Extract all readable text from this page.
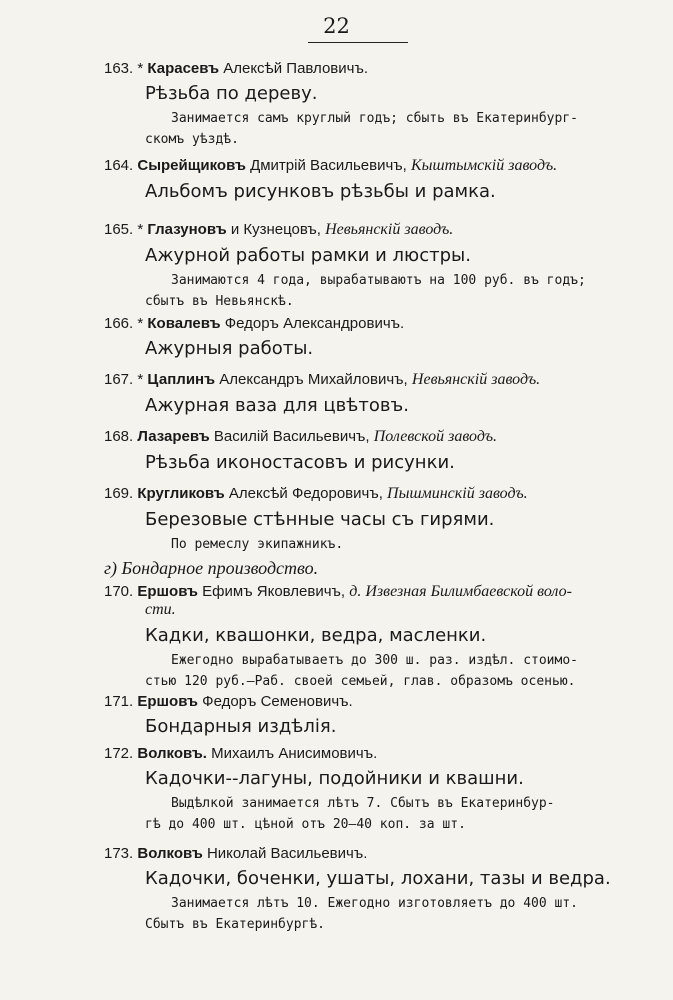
22
163. * Карасевъ Алексѣй Павловичъ.
Рѣзьба по дереву.
Занимается самъ круглый годъ; сбыть въ Екатеринбург-
скомъ уѣздѣ.
164. Сырейщиковъ Дмитрій Васильевичъ, Кыштымскій заводъ.
Альбомъ рисунковъ рѣзьбы и рамка.
165. * Глазуновъ и Кузнецовъ, Невьянскій заводъ.
Ажурной работы рамки и люстры.
Занимаются 4 года, вырабатываютъ на 100 руб. въ годъ;
сбытъ въ Невьянскѣ.
166. * Ковалевъ Федоръ Александровичъ.
Ажурныя работы.
167. * Цаплинъ Александръ Михайловичъ, Невьянскій заводъ.
Ажурная ваза для цвѣтовъ.
168. Лазаревъ Василій Васильевичъ, Полевской заводъ.
Рѣзьба иконостасовъ и рисунки.
169. Кругликовъ Алексѣй Федоровичъ, Пышминскій заводъ.
Березовые стѣнные часы съ гирями.
По ремеслу экипажникъ.
г) Бондарное производство.
170. Ершовъ Ефимъ Яковлевичъ, д. Извезная Билимбаевской воло-
сти.
Кадки, квашонки, ведра, масленки.
Ежегодно вырабатываетъ до 300 ш. раз. издѣл. стоимо-
стью 120 руб.—Раб. своей семьей, глав. образомъ осенью.
171. Ершовъ Федоръ Семеновичъ.
Бондарныя издѣлія.
172. Волковъ. Михаилъ Анисимовичъ.
Кадочки--лагуны, подойники и квашни.
Выдѣлкой занимается лѣтъ 7. Сбытъ въ Екатеринбур-
гѣ до 400 шт. цѣной отъ 20—40 коп. за шт.
173. Волковъ Николай Васильевичъ.
Кадочки, боченки, ушаты, лохани, тазы и ведра.
Занимается лѣтъ 10. Ежегодно изготовляетъ до 400 шт.
Сбытъ въ Екатеринбургѣ.
